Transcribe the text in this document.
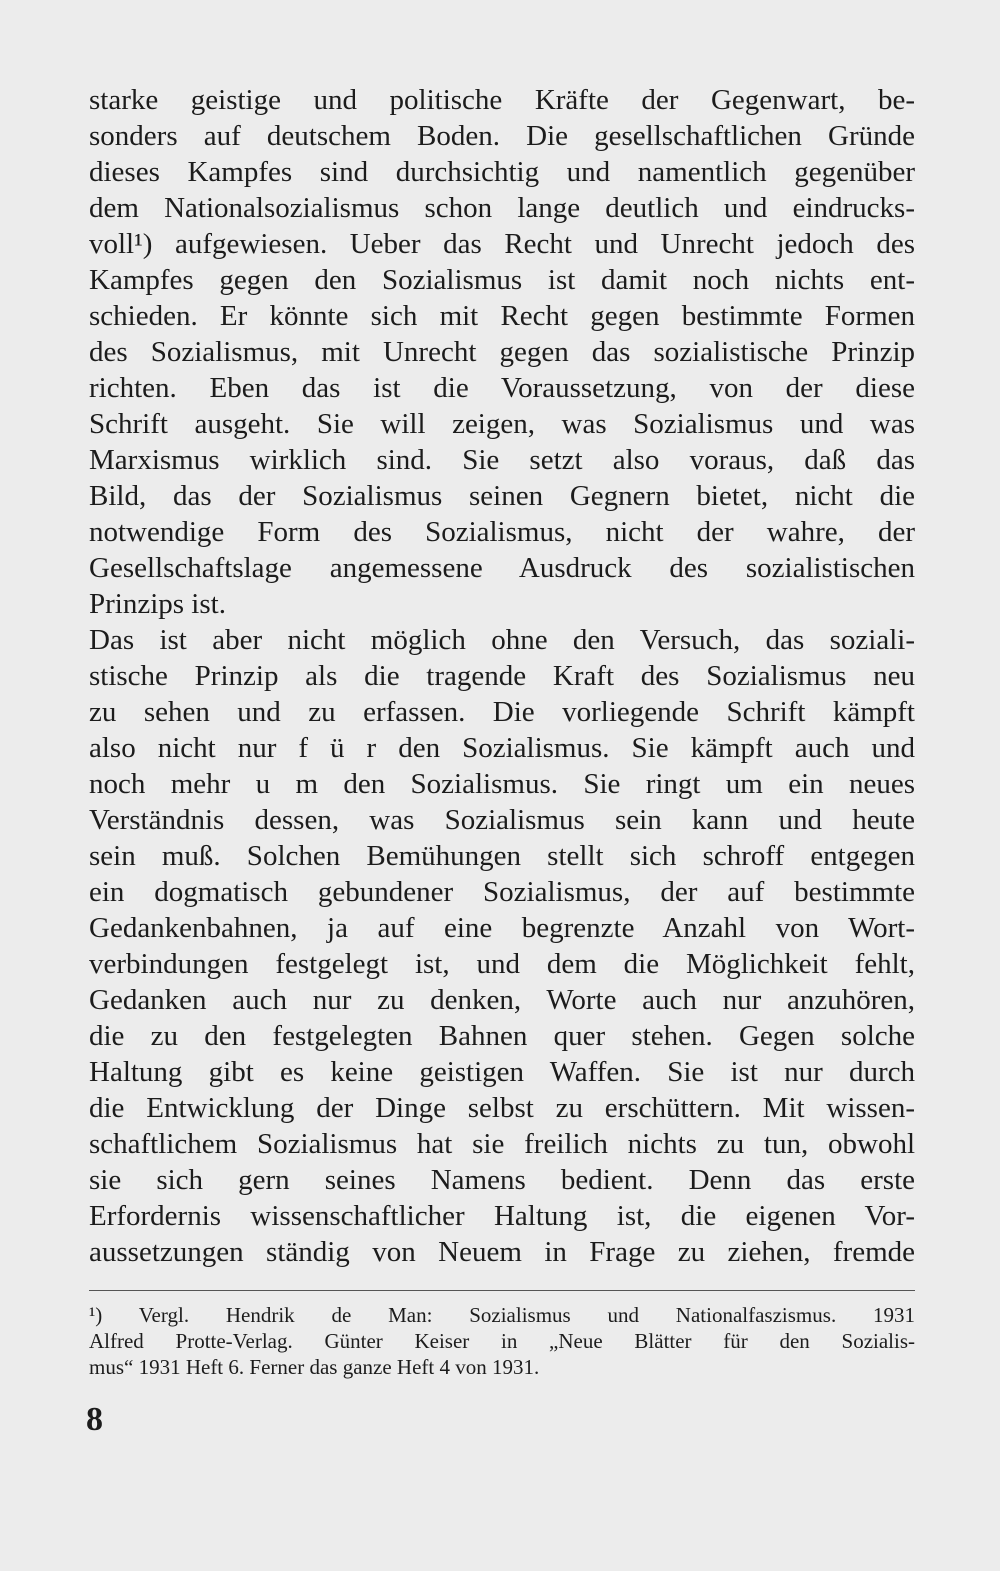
starke geistige und politische Kräfte der Gegenwart, be-
sonders auf deutschem Boden. Die gesellschaftlichen Gründe
dieses Kampfes sind durchsichtig und namentlich gegenüber
dem Nationalsozialismus schon lange deutlich und eindrucks-
voll¹) aufgewiesen. Ueber das Recht und Unrecht jedoch des
Kampfes gegen den Sozialismus ist damit noch nichts ent-
schieden. Er könnte sich mit Recht gegen bestimmte Formen
des Sozialismus, mit Unrecht gegen das sozialistische Prinzip
richten. Eben das ist die Voraussetzung, von der diese
Schrift ausgeht. Sie will zeigen, was Sozialismus und was
Marxismus wirklich sind. Sie setzt also voraus, daß das
Bild, das der Sozialismus seinen Gegnern bietet, nicht die
notwendige Form des Sozialismus, nicht der wahre, der
Gesellschaftslage angemessene Ausdruck des sozialistischen
Prinzips ist.
Das ist aber nicht möglich ohne den Versuch, das soziali-
stische Prinzip als die tragende Kraft des Sozialismus neu
zu sehen und zu erfassen. Die vorliegende Schrift kämpft
also nicht nur f ü r den Sozialismus. Sie kämpft auch und
noch mehr u m den Sozialismus. Sie ringt um ein neues
Verständnis dessen, was Sozialismus sein kann und heute
sein muß. Solchen Bemühungen stellt sich schroff entgegen
ein dogmatisch gebundener Sozialismus, der auf bestimmte
Gedankenbahnen, ja auf eine begrenzte Anzahl von Wort-
verbindungen festgelegt ist, und dem die Möglichkeit fehlt,
Gedanken auch nur zu denken, Worte auch nur anzuhören,
die zu den festgelegten Bahnen quer stehen. Gegen solche
Haltung gibt es keine geistigen Waffen. Sie ist nur durch
die Entwicklung der Dinge selbst zu erschüttern. Mit wissen-
schaftlichem Sozialismus hat sie freilich nichts zu tun, obwohl
sie sich gern seines Namens bedient. Denn das erste
Erfordernis wissenschaftlicher Haltung ist, die eigenen Vor-
aussetzungen ständig von Neuem in Frage zu ziehen, fremde
¹) Vergl. Hendrik de Man: Sozialismus und Nationalfaszismus. 1931
Alfred Protte-Verlag. Günter Keiser in „Neue Blätter für den Sozialis-
mus“ 1931 Heft 6. Ferner das ganze Heft 4 von 1931.
8
